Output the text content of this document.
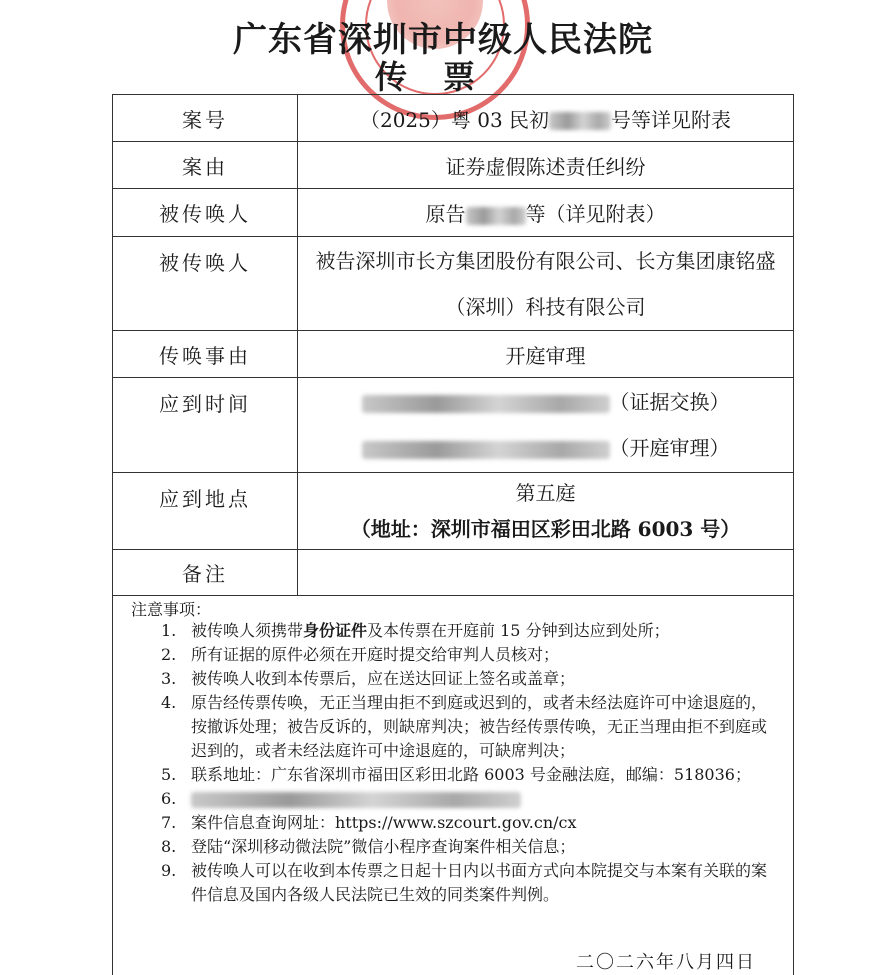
广东省深圳市中级人民法院
传票
案号	（2025）粤 03 民初 号等详见附表
案由	证券虚假陈述责任纠纷
被传唤人	原告 等（详见附表）
被传唤人	被告深圳市长方集团股份有限公司、长方集团康铭盛
（深圳）科技有限公司

传唤事由	开庭审理
应到时间	（证据交换）
（开庭审理）

应到地点	第五庭
（地址：深圳市福田区彩田北路 6003 号）

备注	
注意事项：
1. 被传唤人须携带身份证件及本传票在开庭前 15 分钟到达应到处所；
2. 所有证据的原件必须在开庭时提交给审判人员核对；
3. 被传唤人收到本传票后，应在送达回证上签名或盖章；
4. 原告经传票传唤，无正当理由拒不到庭或迟到的，或者未经法庭许可中途退庭的，按撤诉处理；被告反诉的，则缺席判决；被告经传票传唤，无正当理由拒不到庭或迟到的，或者未经法庭许可中途退庭的，可缺席判决；
5. 联系地址：广东省深圳市福田区彩田北路 6003 号金融法庭，邮编：518036；
6.
7. 案件信息查询网址：https://www.szcourt.gov.cn/cx
8. 登陆“深圳移动微法院”微信小程序查询案件相关信息；
9. 被传唤人可以在收到本传票之日起十日内以书面方式向本院提交与本案有关联的案件信息及国内各级人民法院已生效的同类案件判例。
二〇二六年八月四日
